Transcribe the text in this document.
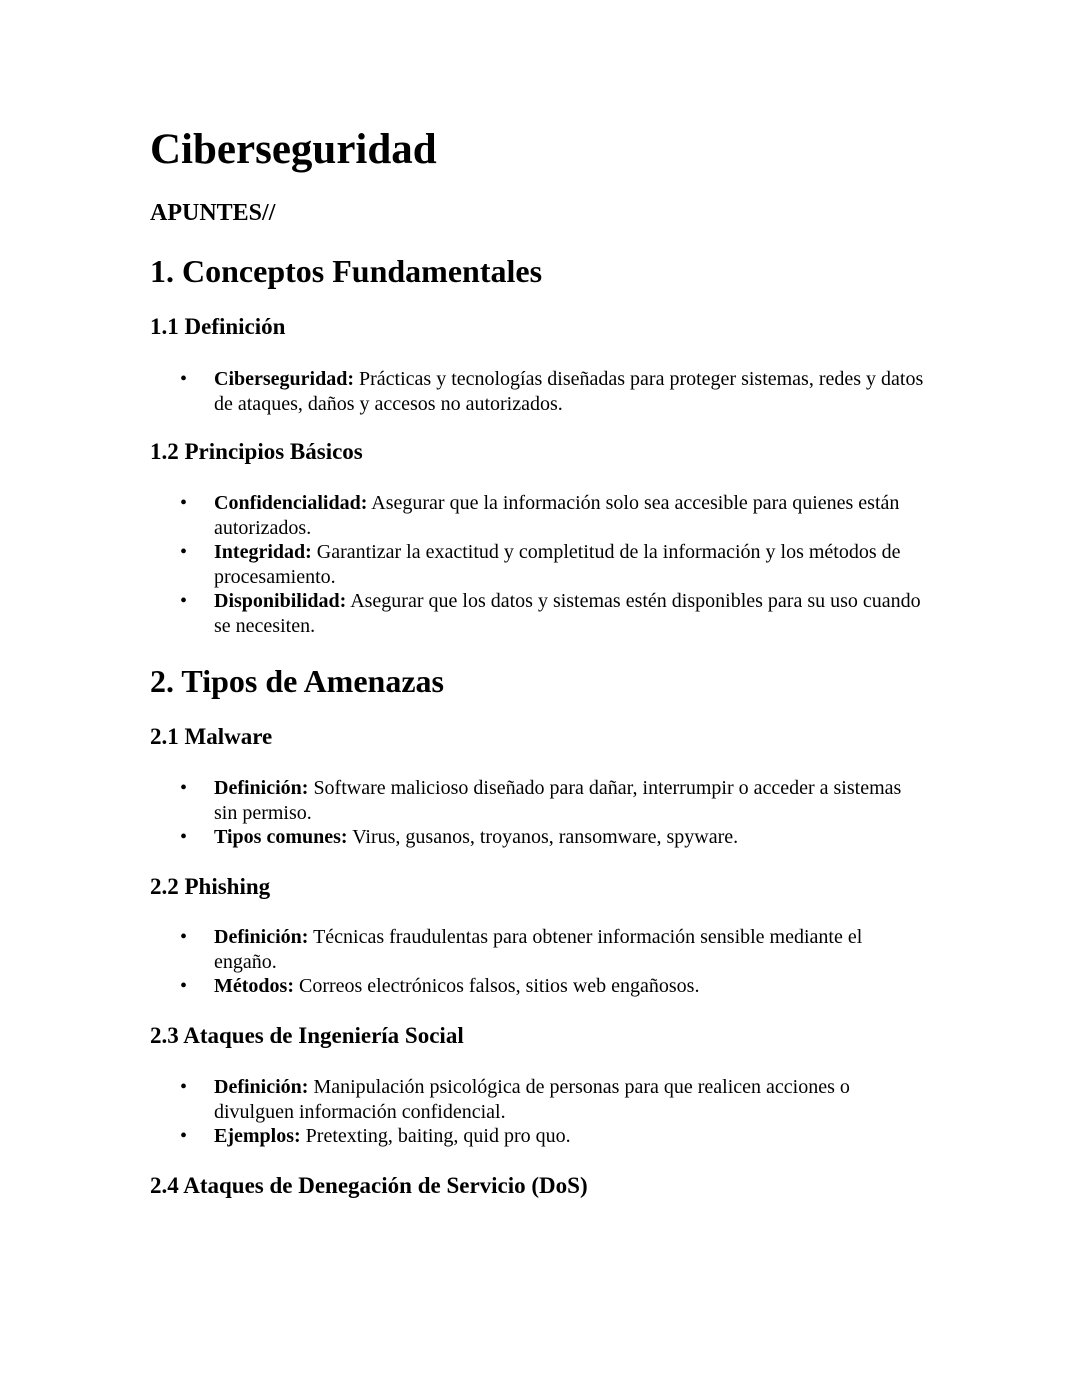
Ciberseguridad
APUNTES//
1. Conceptos Fundamentales
1.1 Definición
• Ciberseguridad: Prácticas y tecnologías diseñadas para proteger sistemas, redes y datos de ataques, daños y accesos no autorizados.
1.2 Principios Básicos
• Confidencialidad: Asegurar que la información solo sea accesible para quienes están autorizados.
• Integridad: Garantizar la exactitud y completitud de la información y los métodos de procesamiento.
• Disponibilidad: Asegurar que los datos y sistemas estén disponibles para su uso cuando se necesiten.
2. Tipos de Amenazas
2.1 Malware
• Definición: Software malicioso diseñado para dañar, interrumpir o acceder a sistemas sin permiso.
• Tipos comunes: Virus, gusanos, troyanos, ransomware, spyware.
2.2 Phishing
• Definición: Técnicas fraudulentas para obtener información sensible mediante el engaño.
• Métodos: Correos electrónicos falsos, sitios web engañosos.
2.3 Ataques de Ingeniería Social
• Definición: Manipulación psicológica de personas para que realicen acciones o divulguen información confidencial.
• Ejemplos: Pretexting, baiting, quid pro quo.
2.4 Ataques de Denegación de Servicio (DoS)
